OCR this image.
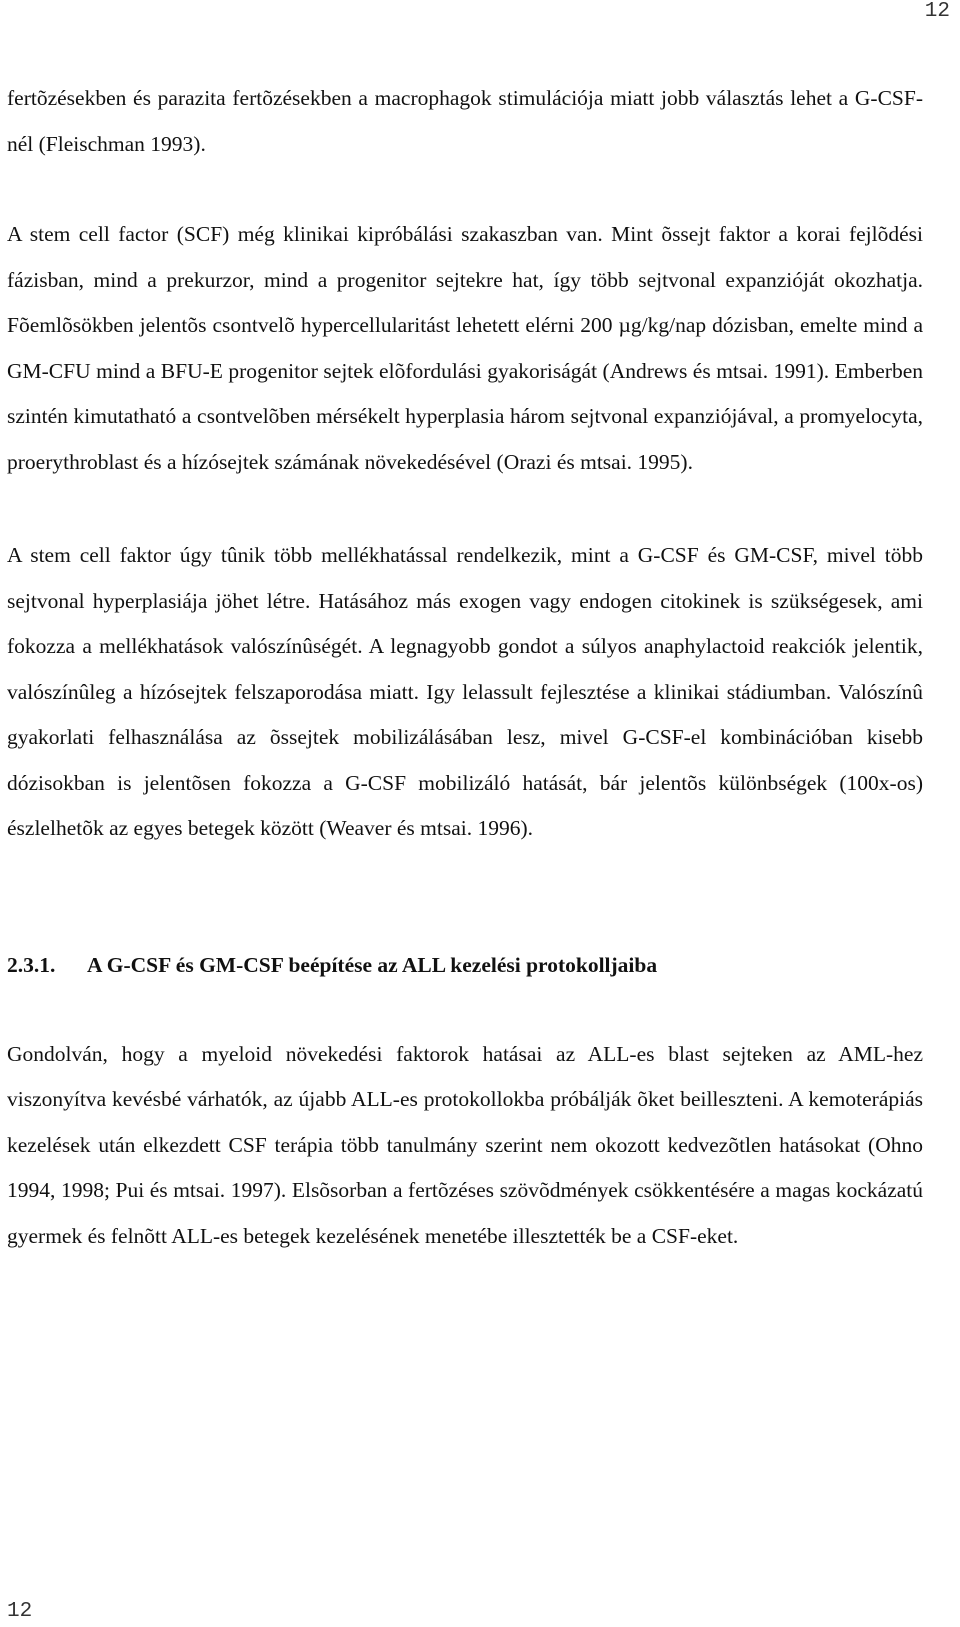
12

fertõzésekben és parazita fertõzésekben a macrophagok stimulációja miatt jobb választás lehet a G-CSF-nél (Fleischman 1993).

A stem cell factor (SCF) még klinikai kipróbálási szakaszban van. Mint õssejt faktor a korai fejlõdési fázisban, mind a prekurzor, mind a progenitor sejtekre hat, így több sejtvonal expanzióját okozhatja. Fõemlõsökben jelentõs csontvelõ hypercellularitást lehetett elérni 200 µg/kg/nap dózisban, emelte mind a GM-CFU mind a BFU-E progenitor sejtek elõfordulási gyakoriságát (Andrews és mtsai. 1991). Emberben szintén kimutatható a csontvelõben mérsékelt hyperplasia három sejtvonal expanziójával, a promyelocyta, proerythroblast és a hízósejtek számának növekedésével (Orazi és mtsai. 1995).

A stem cell faktor úgy tûnik több mellékhatással rendelkezik, mint a G-CSF és GM-CSF, mivel több sejtvonal hyperplasiája jöhet létre. Hatásához más exogen vagy endogen citokinek is szükségesek, ami fokozza a mellékhatások valószínûségét. A legnagyobb gondot a súlyos anaphylactoid reakciók jelentik, valószínûleg a hízósejtek felszaporodása miatt. Igy lelassult fejlesztése a klinikai stádiumban. Valószínû gyakorlati felhasználása az õssejtek mobilizálásában lesz, mivel G-CSF-el kombinációban kisebb dózisokban is jelentõsen fokozza a G-CSF mobilizáló hatását, bár jelentõs különbségek (100x-os) észlelhetõk az egyes betegek között (Weaver és mtsai. 1996).

2.3.1.	A G-CSF és GM-CSF beépítése az ALL kezelési protokolljaiba

Gondolván, hogy a myeloid növekedési faktorok hatásai az ALL-es blast sejteken az AML-hez viszonyítva kevésbé várhatók, az újabb ALL-es protokollokba próbálják õket beilleszteni. A kemoterápiás kezelések után elkezdett CSF terápia több tanulmány szerint nem okozott kedvezõtlen hatásokat (Ohno 1994, 1998; Pui és mtsai. 1997). Elsõsorban a fertõzéses szövõdmények csökkentésére a magas kockázatú gyermek és felnõtt ALL-es betegek kezelésének menetébe illesztették be a CSF-eket.

12
